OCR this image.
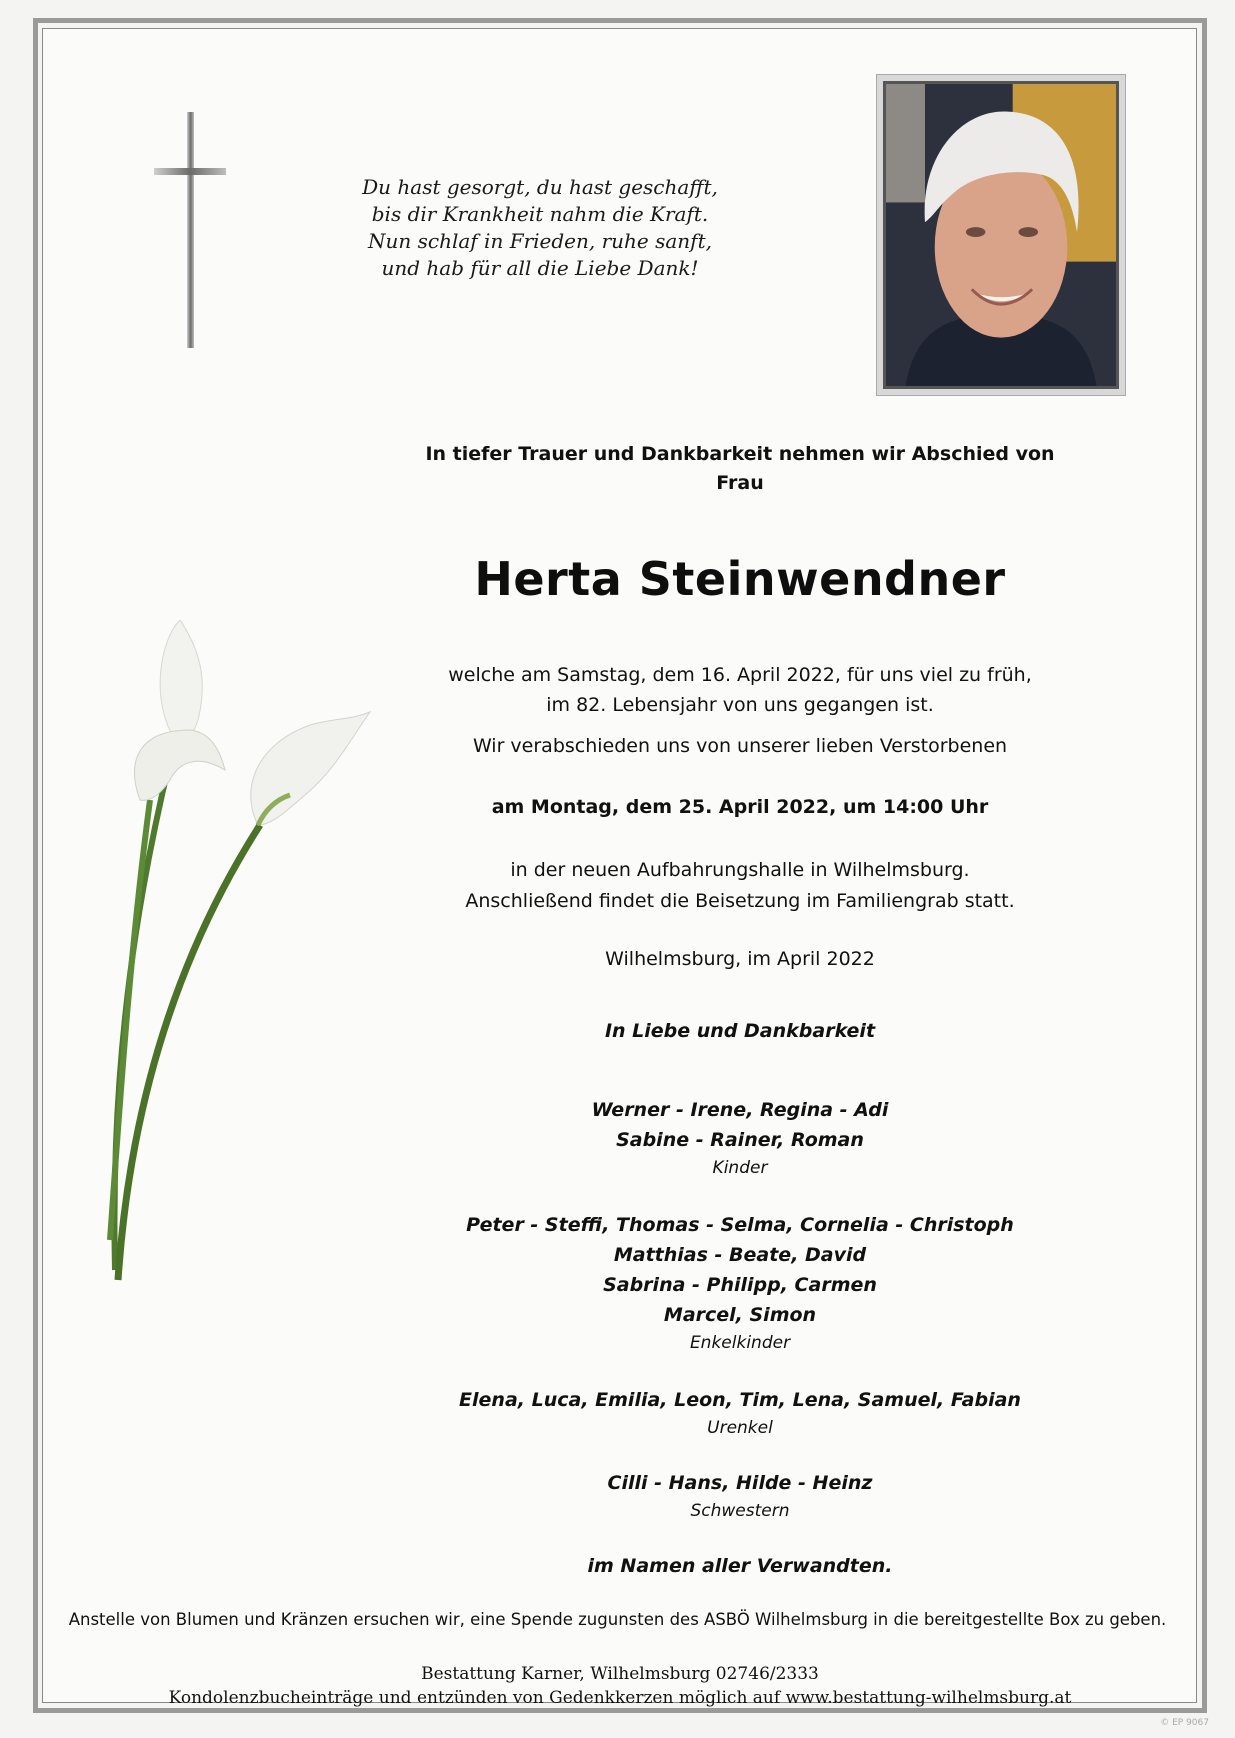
Du hast gesorgt, du hast geschafft,
bis dir Krankheit nahm die Kraft.
Nun schlaf in Frieden, ruhe sanft,
und hab für all die Liebe Dank!
In tiefer Trauer und Dankbarkeit nehmen wir Abschied von
Frau
Herta Steinwendner
welche am Samstag, dem 16. April 2022, für uns viel zu früh,
im 82. Lebensjahr von uns gegangen ist.
Wir verabschieden uns von unserer lieben Verstorbenen
am Montag, dem 25. April 2022, um 14:00 Uhr
in der neuen Aufbahrungshalle in Wilhelmsburg.
Anschließend findet die Beisetzung im Familiengrab statt.
Wilhelmsburg, im April 2022
In Liebe und Dankbarkeit
Werner - Irene, Regina - Adi
Sabine - Rainer, Roman
Kinder
Peter - Steffi, Thomas - Selma, Cornelia - Christoph
Matthias - Beate, David
Sabrina - Philipp, Carmen
Marcel, Simon
Enkelkinder
Elena, Luca, Emilia, Leon, Tim, Lena, Samuel, Fabian
Urenkel
Cilli - Hans, Hilde - Heinz
Schwestern
im Namen aller Verwandten.
Anstelle von Blumen und Kränzen ersuchen wir, eine Spende zugunsten des ASBÖ Wilhelmsburg in die bereitgestellte Box zu geben.
Bestattung Karner, Wilhelmsburg 02746/2333
Kondolenzbucheinträge und entzünden von Gedenkkerzen möglich auf www.bestattung-wilhelmsburg.at
© EP 9067
